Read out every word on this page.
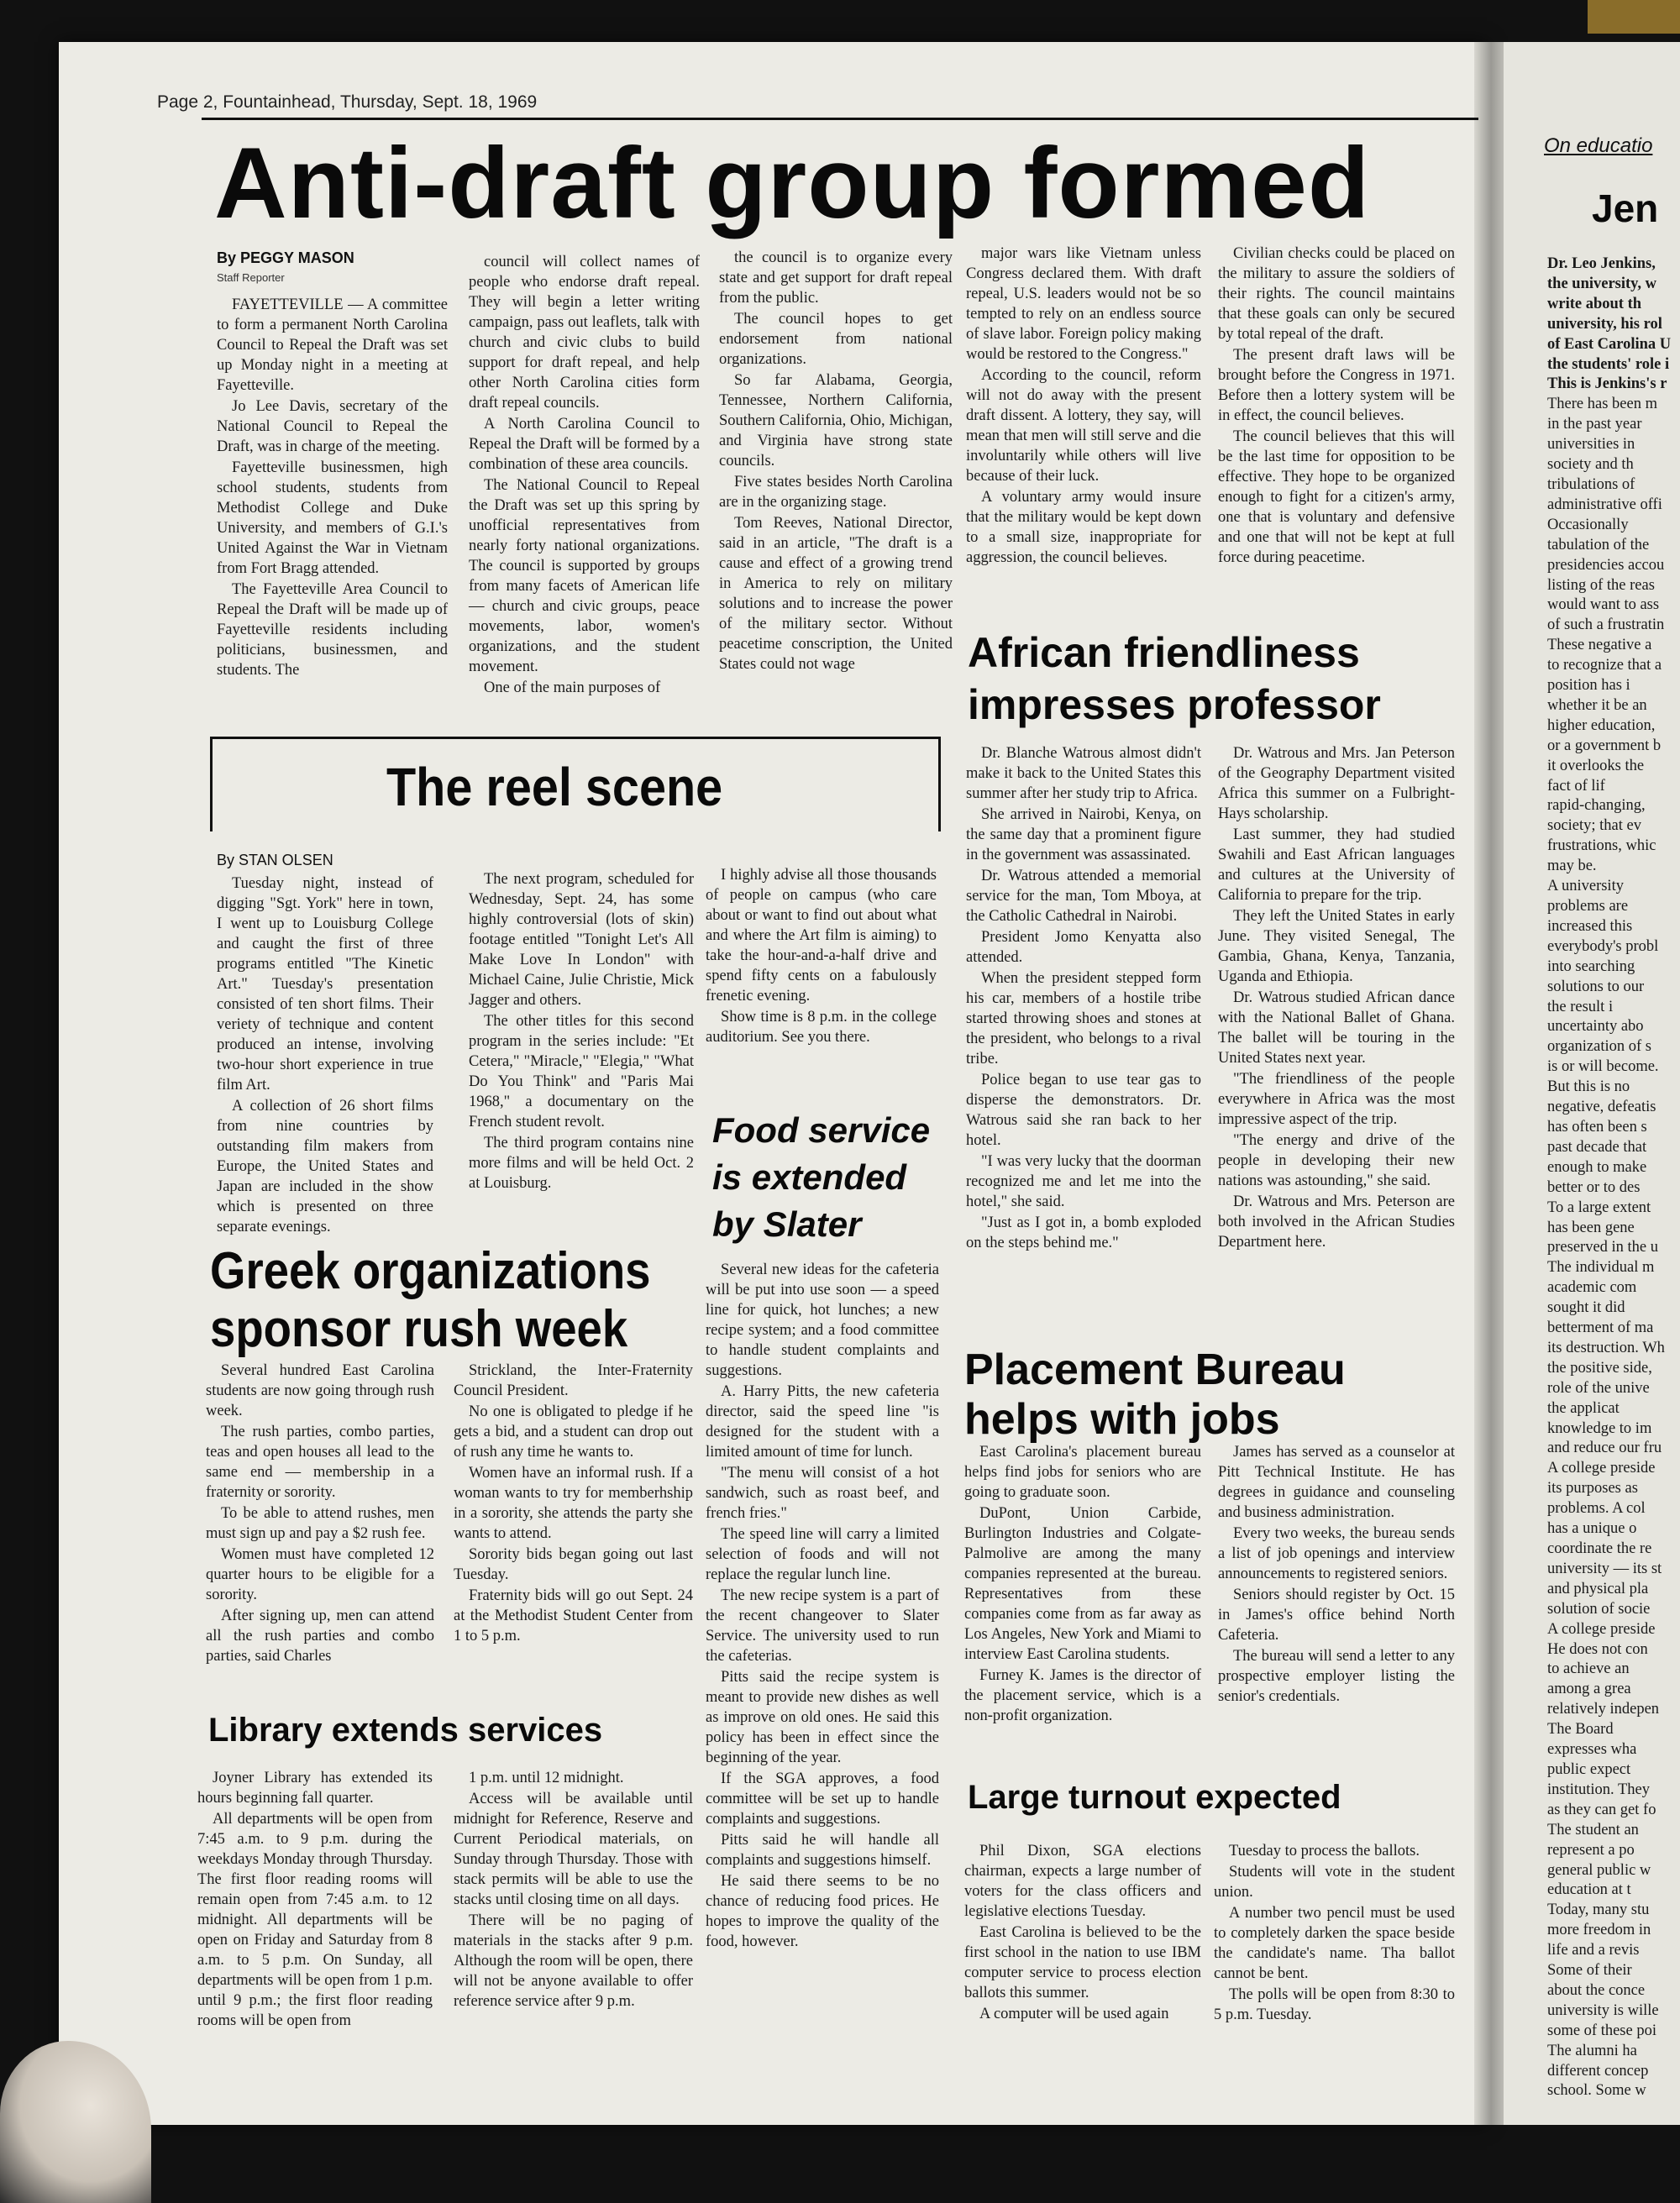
Page 2, Fountainhead, Thursday, Sept. 18, 1969
Anti-draft group formed
By PEGGY MASON
Staff Reporter

FAYETTEVILLE — A committee to form a permanent North Carolina Council to Repeal the Draft was set up Monday night in a meeting at Fayetteville.

Jo Lee Davis, secretary of the National Council to Repeal the Draft, was in charge of the meeting.

Fayetteville businessmen, high school students, students from Methodist College and Duke University, and members of G.I.'s United Against the War in Vietnam from Fort Bragg attended.

The Fayetteville Area Council to Repeal the Draft will be made up of Fayetteville residents including politicians, businessmen, and students. The

council will collect names of people who endorse draft repeal. They will begin a letter writing campaign, pass out leaflets, talk with church and civic clubs to build support for draft repeal, and help other North Carolina cities form draft repeal councils.

A North Carolina Council to Repeal the Draft will be formed by a combination of these area councils.

The National Council to Repeal the Draft was set up this spring by unofficial representatives from nearly forty national organizations. The council is supported by groups from many facets of American life — church and civic groups, peace movements, labor, women's organizations, and the student movement.

One of the main purposes of

the council is to organize every state and get support for draft repeal from the public.

The council hopes to get endorsement from national organizations.

So far Alabama, Georgia, Tennessee, Northern California, Southern California, Ohio, Michigan, and Virginia have strong state councils.

Five states besides North Carolina are in the organizing stage.

Tom Reeves, National Director, said in an article, "The draft is a cause and effect of a growing trend in America to rely on military solutions and to increase the power of the military sector. Without peacetime conscription, the United States could not wage

major wars like Vietnam unless Congress declared them. With draft repeal, U.S. leaders would not be so tempted to rely on an endless source of slave labor. Foreign policy making would be restored to the Congress."

According to the council, reform will not do away with the present draft dissent. A lottery, they say, will mean that men will still serve and die involuntarily while others will live because of their luck.

A voluntary army would insure that the military would be kept down to a small size, inappropriate for aggression, the council believes.

Civilian checks could be placed on the military to assure the soldiers of their rights. The council maintains that these goals can only be secured by total repeal of the draft.

The present draft laws will be brought before the Congress in 1971. Before then a lottery system will be in effect, the council believes.

The council believes that this will be the last time for opposition to be effective. They hope to be organized enough to fight for a citizen's army, one that is voluntary and defensive and one that will not be kept at full force during peacetime.

African friendliness
impresses professor

Dr. Blanche Watrous almost didn't make it back to the United States this summer after her study trip to Africa.

She arrived in Nairobi, Kenya, on the same day that a prominent figure in the government was assassinated.

Dr. Watrous attended a memorial service for the man, Tom Mboya, at the Catholic Cathedral in Nairobi.

President Jomo Kenyatta also attended.

When the president stepped form his car, members of a hostile tribe started throwing shoes and stones at the president, who belongs to a rival tribe.

Police began to use tear gas to disperse the demonstrators. Dr. Watrous said she ran back to her hotel.

"I was very lucky that the doorman recognized me and let me into the hotel," she said.

"Just as I got in, a bomb exploded on the steps behind me."

Dr. Watrous and Mrs. Jan Peterson of the Geography Department visited Africa this summer on a Fulbright-Hays scholarship.

Last summer, they had studied Swahili and East African languages and cultures at the University of California to prepare for the trip.

They left the United States in early June. They visited Senegal, The Gambia, Ghana, Kenya, Tanzania, Uganda and Ethiopia.

Dr. Watrous studied African dance with the National Ballet of Ghana. The ballet will be touring in the United States next year.

"The friendliness of the people everywhere in Africa was the most impressive aspect of the trip.

"The energy and drive of the people in developing their new nations was astounding," she said.

Dr. Watrous and Mrs. Peterson are both involved in the African Studies Department here.

The reel scene
By STAN OLSEN

Tuesday night, instead of digging "Sgt. York" here in town, I went up to Louisburg College and caught the first of three programs entitled "The Kinetic Art." Tuesday's presentation consisted of ten short films. Their veriety of technique and content produced an intense, involving two-hour short experience in true film Art.

A collection of 26 short films from nine countries by outstanding film makers from Europe, the United States and Japan are included in the show which is presented on three separate evenings.

The next program, scheduled for Wednesday, Sept. 24, has some highly controversial (lots of skin) footage entitled "Tonight Let's All Make Love In London" with Michael Caine, Julie Christie, Mick Jagger and others.

The other titles for this second program in the series include: "Et Cetera," "Miracle," "Elegia," "What Do You Think" and "Paris Mai 1968," a documentary on the French student revolt.

The third program contains nine more films and will be held Oct. 2 at Louisburg.

I highly advise all those thousands of people on campus (who care about or want to find out about what and where the Art film is aiming) to take the hour-and-a-half drive and spend fifty cents on a fabulously frenetic evening.

Show time is 8 p.m. in the college auditorium. See you there.

Food service
is extended
by Slater

Several new ideas for the cafeteria will be put into use soon — a speed line for quick, hot lunches; a new recipe system; and a food committee to handle student complaints and suggestions.

A. Harry Pitts, the new cafeteria director, said the speed line "is designed for the student with a limited amount of time for lunch.

"The menu will consist of a hot sandwich, such as roast beef, and french fries."

The speed line will carry a limited selection of foods and will not replace the regular lunch line.

The new recipe system is a part of the recent changeover to Slater Service. The university used to run the cafeterias.

Pitts said the recipe system is meant to provide new dishes as well as improve on old ones. He said this policy has been in effect since the beginning of the year.

If the SGA approves, a food committee will be set up to handle complaints and suggestions.

Pitts said he will handle all complaints and suggestions himself.

He said there seems to be no chance of reducing food prices. He hopes to improve the quality of the food, however.

Greek organizations
sponsor rush week

Several hundred East Carolina students are now going through rush week.

The rush parties, combo parties, teas and open houses all lead to the same end — membership in a fraternity or sorority.

To be able to attend rushes, men must sign up and pay a $2 rush fee.

Women must have completed 12 quarter hours to be eligible for a sorority.

After signing up, men can attend all the rush parties and combo parties, said Charles

Strickland, the Inter-Fraternity Council President.

No one is obligated to pledge if he gets a bid, and a student can drop out of rush any time he wants to.

Women have an informal rush. If a woman wants to try for memberhship in a sorority, she attends the party she wants to attend.

Sorority bids began going out last Tuesday.

Fraternity bids will go out Sept. 24 at the Methodist Student Center from 1 to 5 p.m.

Library extends services

Joyner Library has extended its hours beginning fall quarter.

All departments will be open from 7:45 a.m. to 9 p.m. during the weekdays Monday through Thursday. The first floor reading rooms will remain open from 7:45 a.m. to 12 midnight. All departments will be open on Friday and Saturday from 8 a.m. to 5 p.m. On Sunday, all departments will be open from 1 p.m. until 9 p.m.; the first floor reading rooms will be open from

1 p.m. until 12 midnight.

Access will be available until midnight for Reference, Reserve and Current Periodical materials, on Sunday through Thursday. Those with stack permits will be able to use the stacks until closing time on all days.

There will be no paging of materials in the stacks after 9 p.m. Although the room will be open, there will not be anyone available to offer reference service after 9 p.m.

Placement Bureau
helps with jobs

East Carolina's placement bureau helps find jobs for seniors who are going to graduate soon.

DuPont, Union Carbide, Burlington Industries and Colgate-Palmolive are among the many companies represented at the bureau. Representatives from these companies come from as far away as Los Angeles, New York and Miami to interview East Carolina students.

Furney K. James is the director of the placement service, which is a non-profit organization.

James has served as a counselor at Pitt Technical Institute. He has degrees in guidance and counseling and business administration.

Every two weeks, the bureau sends a list of job openings and interview announcements to registered seniors.

Seniors should register by Oct. 15 in James's office behind North Cafeteria.

The bureau will send a letter to any prospective employer listing the senior's credentials.

Large turnout expected

Phil Dixon, SGA elections chairman, expects a large number of voters for the class officers and legislative elections Tuesday.

East Carolina is believed to be the first school in the nation to use IBM computer service to process election ballots this summer.

A computer will be used again

Tuesday to process the ballots.

Students will vote in the student union.

A number two pencil must be used to completely darken the space beside the candidate's name. Tha ballot cannot be bent.

The polls will be open from 8:30 to 5 p.m. Tuesday.

On educatio
Jen
Dr. Leo Jenkins,
the university, w
write about th
university, his rol
of East Carolina U
the students' role i
This is Jenkins's r
There has been m
in the past year
universities in
society and th
tribulations of
administrative offi
Occasionally
tabulation of the
presidencies accou
listing of the reas
would want to ass
of such a frustratin
These negative a
to recognize that a
position has i
whether it be an
higher education,
or a government b
it overlooks the
fact of lif
rapid-changing,
society; that ev
frustrations, whic
may be.
A university
problems are
increased this
everybody's probl
into searching
solutions to our
the result i
uncertainty abo
organization of s
is or will become.
But this is no
negative, defeatis
has often been s
past decade that
enough to make
better or to des
To a large extent
has been gene
preserved in the u
The individual m
academic com
sought it did
betterment of ma
its destruction. Wh
the positive side,
role of the unive
the applicat
knowledge to im
and reduce our fru
A college preside
its purposes as
problems. A col
has a unique o
coordinate the re
university — its st
and physical pla
solution of socie
A college preside
He does not con
to achieve an
among a grea
relatively indepen
The Board
expresses wha
public expect
institution. They
as they can get fo
The student an
represent a po
general public w
education at t
Today, many stu
more freedom in
life and a revis
Some of their
about the conce
university is wille
some of these poi
The alumni ha
different concep
school. Some w
